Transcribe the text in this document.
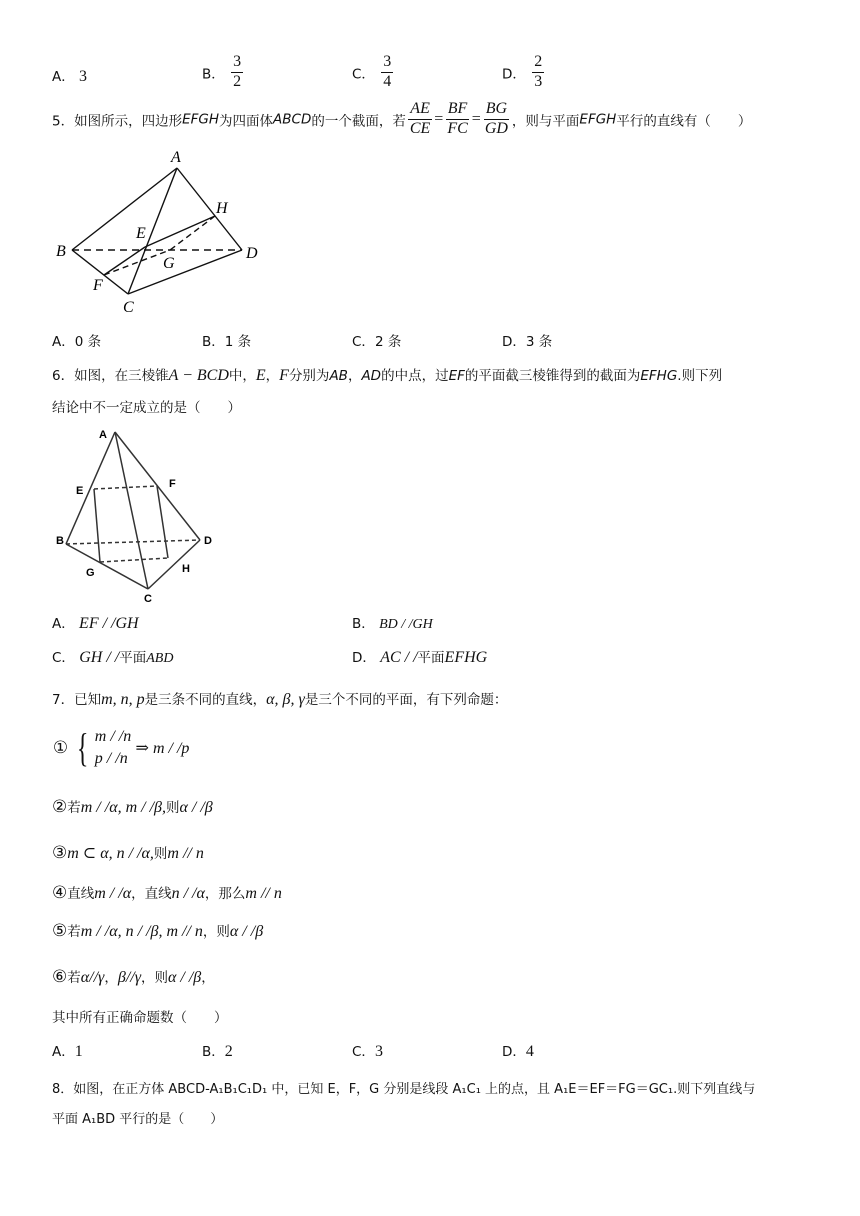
A． 3	B． $\frac{3}{2}$	C． $\frac{3}{4}$	D． $\frac{2}{3}$
5．如图所示，四边形EFGH为四面体ABCD的一个截面，若 $\frac{AE}{CE} = \frac{BF}{FC} = \frac{BG}{GD}$ ，则与平面EFGH平行的直线有（　　）
A
H
E
B	D
G
F
C
A．0 条	B．1 条	C．2 条	D．3 条
6．如图，在三棱锥A − BCD中，E，F分别为AB，AD的中点，过EF的平面截三棱锥得到的截面为EFHG.则下列
结论中不一定成立的是（　　）
A
E
F
B	D
G	H
C
A． EF / /GH	B． BD / /GH
C． GH / /平面ABD	D． AC / /平面EFHG
7．已知m, n, p是三条不同的直线，α, β, γ是三个不同的平面，有下列命题：
① { m / /n
p / /n
⇒ m / /p
②若m / /α, m / /β,则α / /β
③m ⊂ α, n / /α,则m // n
④直线m / /α，直线n / /α，那么m // n
⑤若m / /α, n / /β, m // n，则α / /β
⑥若α//γ，β//γ，则α / /β，
其中所有正确命题数（　　）
A．1	B．2	C．3	D．4
8．如图，在正方体 ABCD-A₁B₁C₁D₁ 中，已知 E，F，G 分别是线段 A₁C₁ 上的点，且 A₁E＝EF＝FG＝GC₁.则下列直线与
平面 A₁BD 平行的是（　　）
